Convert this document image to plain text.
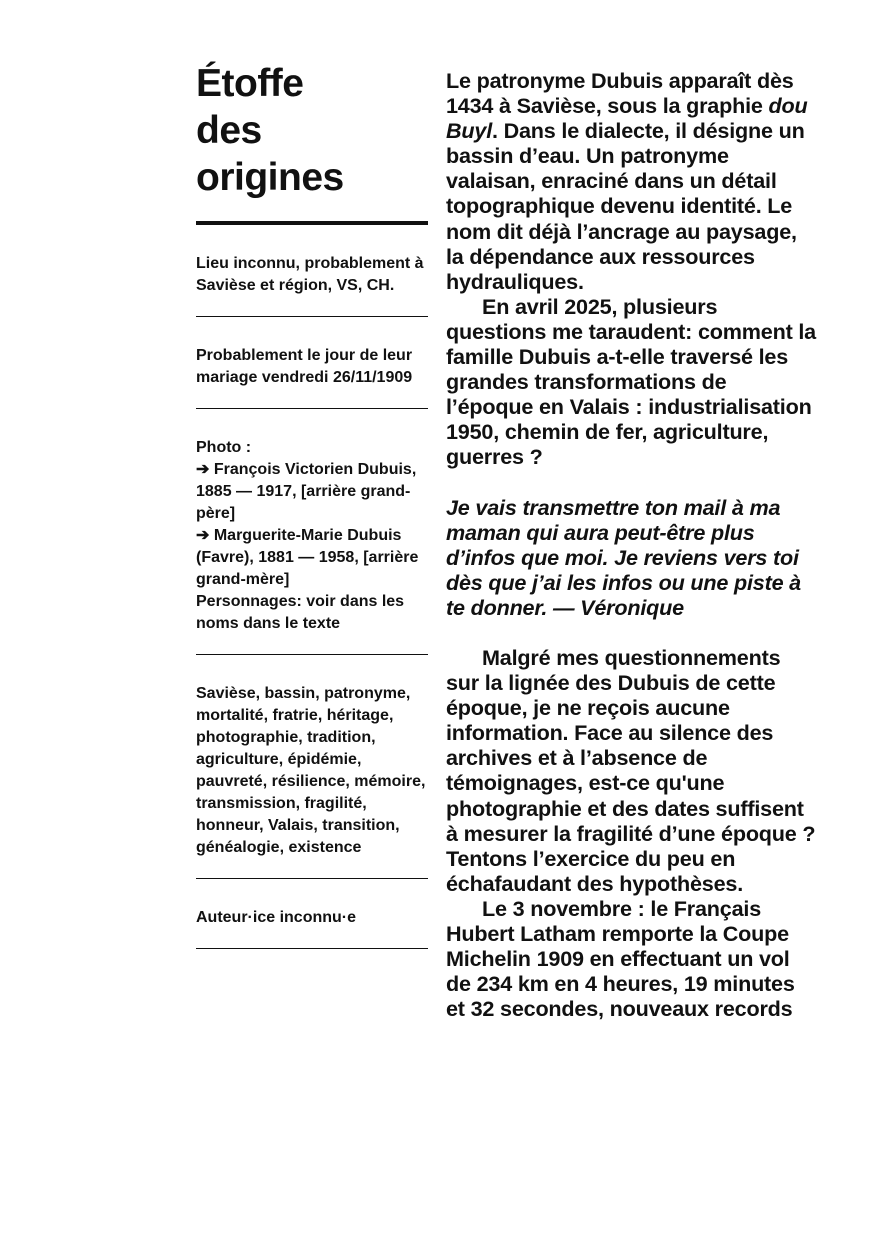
Étoffe
des
origines

Lieu inconnu, probablement à Savièse et région, VS, CH.

Probablement le jour de leur mariage vendredi 26/11/1909

Photo :

➔ François Victorien Dubuis, 1885 — 1917, [arrière grand-père]

➔ Marguerite-Marie Dubuis (Favre), 1881 — 1958, [arrière grand-mère]

Personnages: voir dans les noms dans le texte

Savièse, bassin, patronyme, mortalité, fratrie, héritage, photographie, tradition, agriculture, épidémie, pauvreté, résilience, mémoire, transmission, fragilité, honneur, Valais, transition, généalogie, existence

Auteur·ice inconnu·e

Le patronyme Dubuis apparaît dès 1434 à Savièse, sous la graphie dou Buyl. Dans le dialecte, il désigne un bassin d’eau. Un patronyme valaisan, enraciné dans un détail topographique devenu identité. Le nom dit déjà l’ancrage au paysage, la dépendance aux ressources hydrauliques.

En avril 2025, plusieurs questions me taraudent: comment la famille Dubuis a-t-elle traversé les grandes transformations de l’époque en Valais : industrialisation 1950, chemin de fer, agriculture, guerres ?

Je vais transmettre ton mail à ma maman qui aura peut-être plus d’infos que moi. Je reviens vers toi dès que j’ai les infos ou une piste à te donner. — Véronique

Malgré mes questionnements sur la lignée des Dubuis de cette époque, je ne reçois aucune information. Face au silence des archives et à l’absence de témoignages, est-ce qu'une photographie et des dates suffisent à mesurer la fragilité d’une époque ? Tentons l’exercice du peu en échafaudant des hypothèses.

Le 3 novembre : le Français Hubert Latham remporte la Coupe Michelin 1909 en effectuant un vol de 234 km en 4 heures, 19 minutes et 32 secondes, nouveaux records
